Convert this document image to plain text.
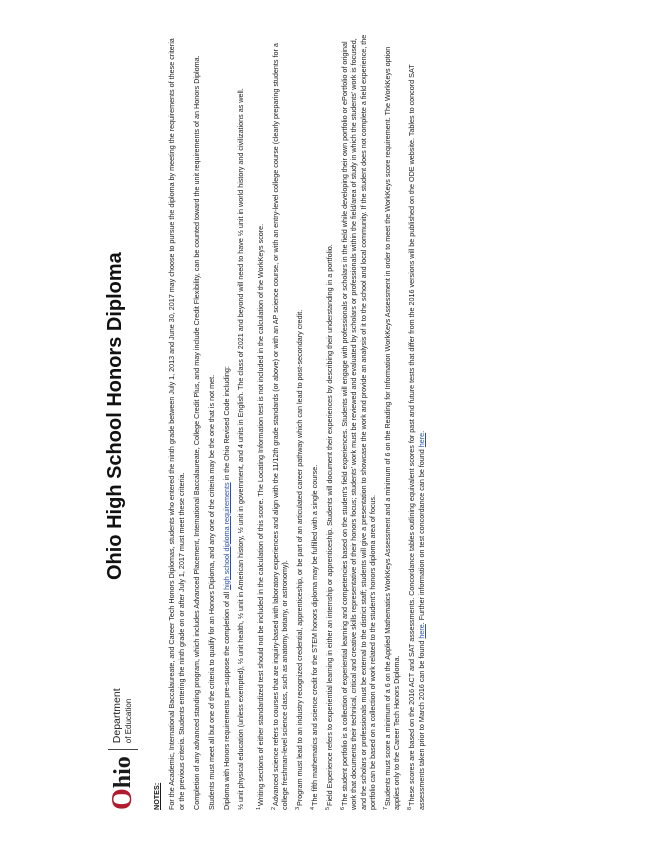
O
hio
Department
of Education
Ohio High School Honors Diploma

NOTES: For the Academic, International Baccalaureate, and Career Tech Honors Diplomas, students who entered the ninth grade between July 1, 2013 and June 30, 2017 may choose to pursue the diploma by meeting the requirements of these criteria or the previous criteria. Students entering the ninth grade on or after July 1, 2017 must meet these criteria. Completion of any advanced standing program, which includes Advanced Placement, International Baccalaureate, College Credit Plus, and may include Credit Flexibility, can be counted toward the unit requirements of an Honors Diploma. Students must meet all but one of the criteria to qualify for an Honors Diploma, and any one of the criteria may be the one that is not met. Diploma with Honors requirements pre-suppose the completion of all high school diploma requirements in the Ohio Revised Code including: ½ unit physical education (unless exempted), ½ unit health, ½ unit in American history, ½ unit in government, and 4 units in English. The class of 2021 and beyond will need to have ½ unit in world history and civilizations as well. $^1$Writing sections of either standardized test should not be included in the calculation of this score. The Locating Information test is not included in the calculation of the WorkKeys score.

$^2$Advanced science refers to courses that are inquiry-based with laboratory experiences and align with the 11/12th grade standards (or above) or with an AP science course, or with an entry-level college course (clearly preparing students for a college freshman-level science class, such as anatomy, botany, or astronomy). $^3$Program must lead to an industry recognized credential, apprenticeship, or be part of an articulated career pathway which can lead to post-secondary credit.

$^4$The fifth mathematics and science credit for the STEM honors diploma may be fulfilled with a single course.

$^5$Field Experience refers to experiential learning in either an internship or apprenticeship. Students will document their experiences by describing their understanding in a portfolio.

$^6$The student portfolio is a collection of experiential learning and competencies based on the student's field experiences. Students will engage with professionals or scholars in the field while developing their own portfolio or ePortfolio of original work that documents their technical, critical and creative skills representative of their honors focus; students' work must be reviewed and evaluated by scholars or professionals within the field/area of study in which the students' work is focused, and the scholars or professionals must be external to the district staff; students will give a presentation to showcase the work and provide an analysis of it to the school and local community. If the student does not complete a field experience, the portfolio can be based on a collection of work related to the student's honors diploma area of focus. $^7$Students must score a minimum of a 6 on the Applied Mathematics WorkKeys Assessment and a minimum of 6 on the Reading for Information WorkKeys Assessment in order to meet the WorkKeys score requirement. The WorkKeys option applies only to the Career Tech Honors Diploma. $^8$These scores are based on the 2016 ACT and SAT assessments. Concordance tables outlining equivalent scores for past and future tests that differ from the 2016 versions will be published on the ODE website. Tables to concord SAT assessments taken prior to March 2016 can be found here. Further information on test concordance can be found here.
